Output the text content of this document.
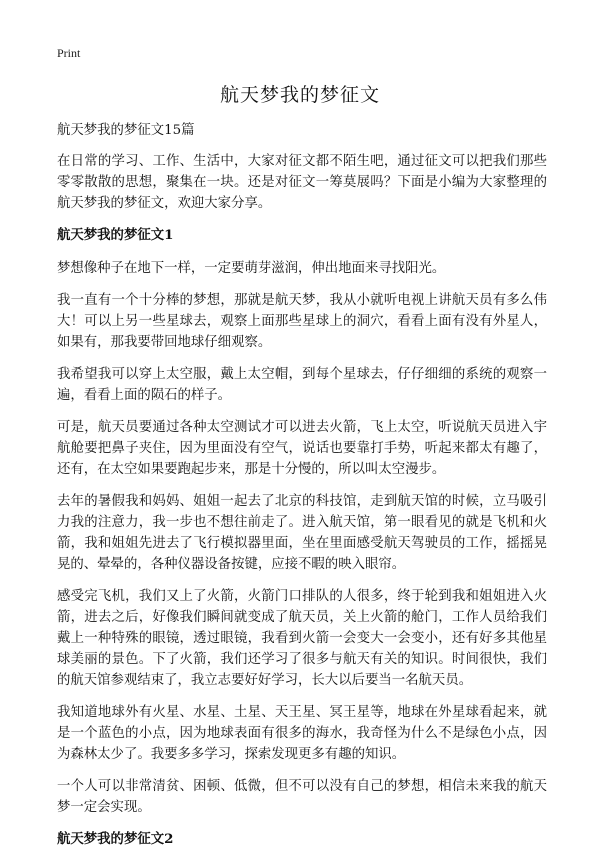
Print
航天梦我的梦征文

航天梦我的梦征文15篇

在日常的学习、工作、生活中，大家对征文都不陌生吧，通过征文可以把我们那些零零散散的思想，聚集在一块。还是对征文一筹莫展吗？下面是小编为大家整理的航天梦我的梦征文，欢迎大家分享。

航天梦我的梦征文1

梦想像种子在地下一样，一定要萌芽滋润，伸出地面来寻找阳光。

我一直有一个十分棒的梦想，那就是航天梦，我从小就听电视上讲航天员有多么伟大！可以上另一些星球去，观察上面那些星球上的洞穴，看看上面有没有外星人，如果有，那我要带回地球仔细观察。

我希望我可以穿上太空服，戴上太空帽，到每个星球去，仔仔细细的系统的观察一遍，看看上面的陨石的样子。

可是，航天员要通过各种太空测试才可以进去火箭，飞上太空，听说航天员进入宇航舱要把鼻子夹住，因为里面没有空气，说话也要靠打手势，听起来都太有趣了，还有，在太空如果要跑起步来，那是十分慢的，所以叫太空漫步。

去年的暑假我和妈妈、姐姐一起去了北京的科技馆，走到航天馆的时候，立马吸引力我的注意力，我一步也不想往前走了。进入航天馆，第一眼看见的就是飞机和火箭，我和姐姐先进去了飞行模拟器里面，坐在里面感受航天驾驶员的工作，摇摇晃晃的、晕晕的，各种仪器设备按键，应接不暇的映入眼帘。

感受完飞机，我们又上了火箭，火箭门口排队的人很多，终于轮到我和姐姐进入火箭，进去之后，好像我们瞬间就变成了航天员，关上火箭的舱门，工作人员给我们戴上一种特殊的眼镜，透过眼镜，我看到火箭一会变大一会变小，还有好多其他星球美丽的景色。下了火箭，我们还学习了很多与航天有关的知识。时间很快，我们的航天馆参观结束了，我立志要好好学习，长大以后要当一名航天员。

我知道地球外有火星、水星、土星、天王星、冥王星等，地球在外星球看起来，就是一个蓝色的小点，因为地球表面有很多的海水，我奇怪为什么不是绿色小点，因为森林太少了。我要多多学习，探索发现更多有趣的知识。

一个人可以非常清贫、困顿、低微，但不可以没有自己的梦想，相信未来我的航天梦一定会实现。

航天梦我的梦征文2
